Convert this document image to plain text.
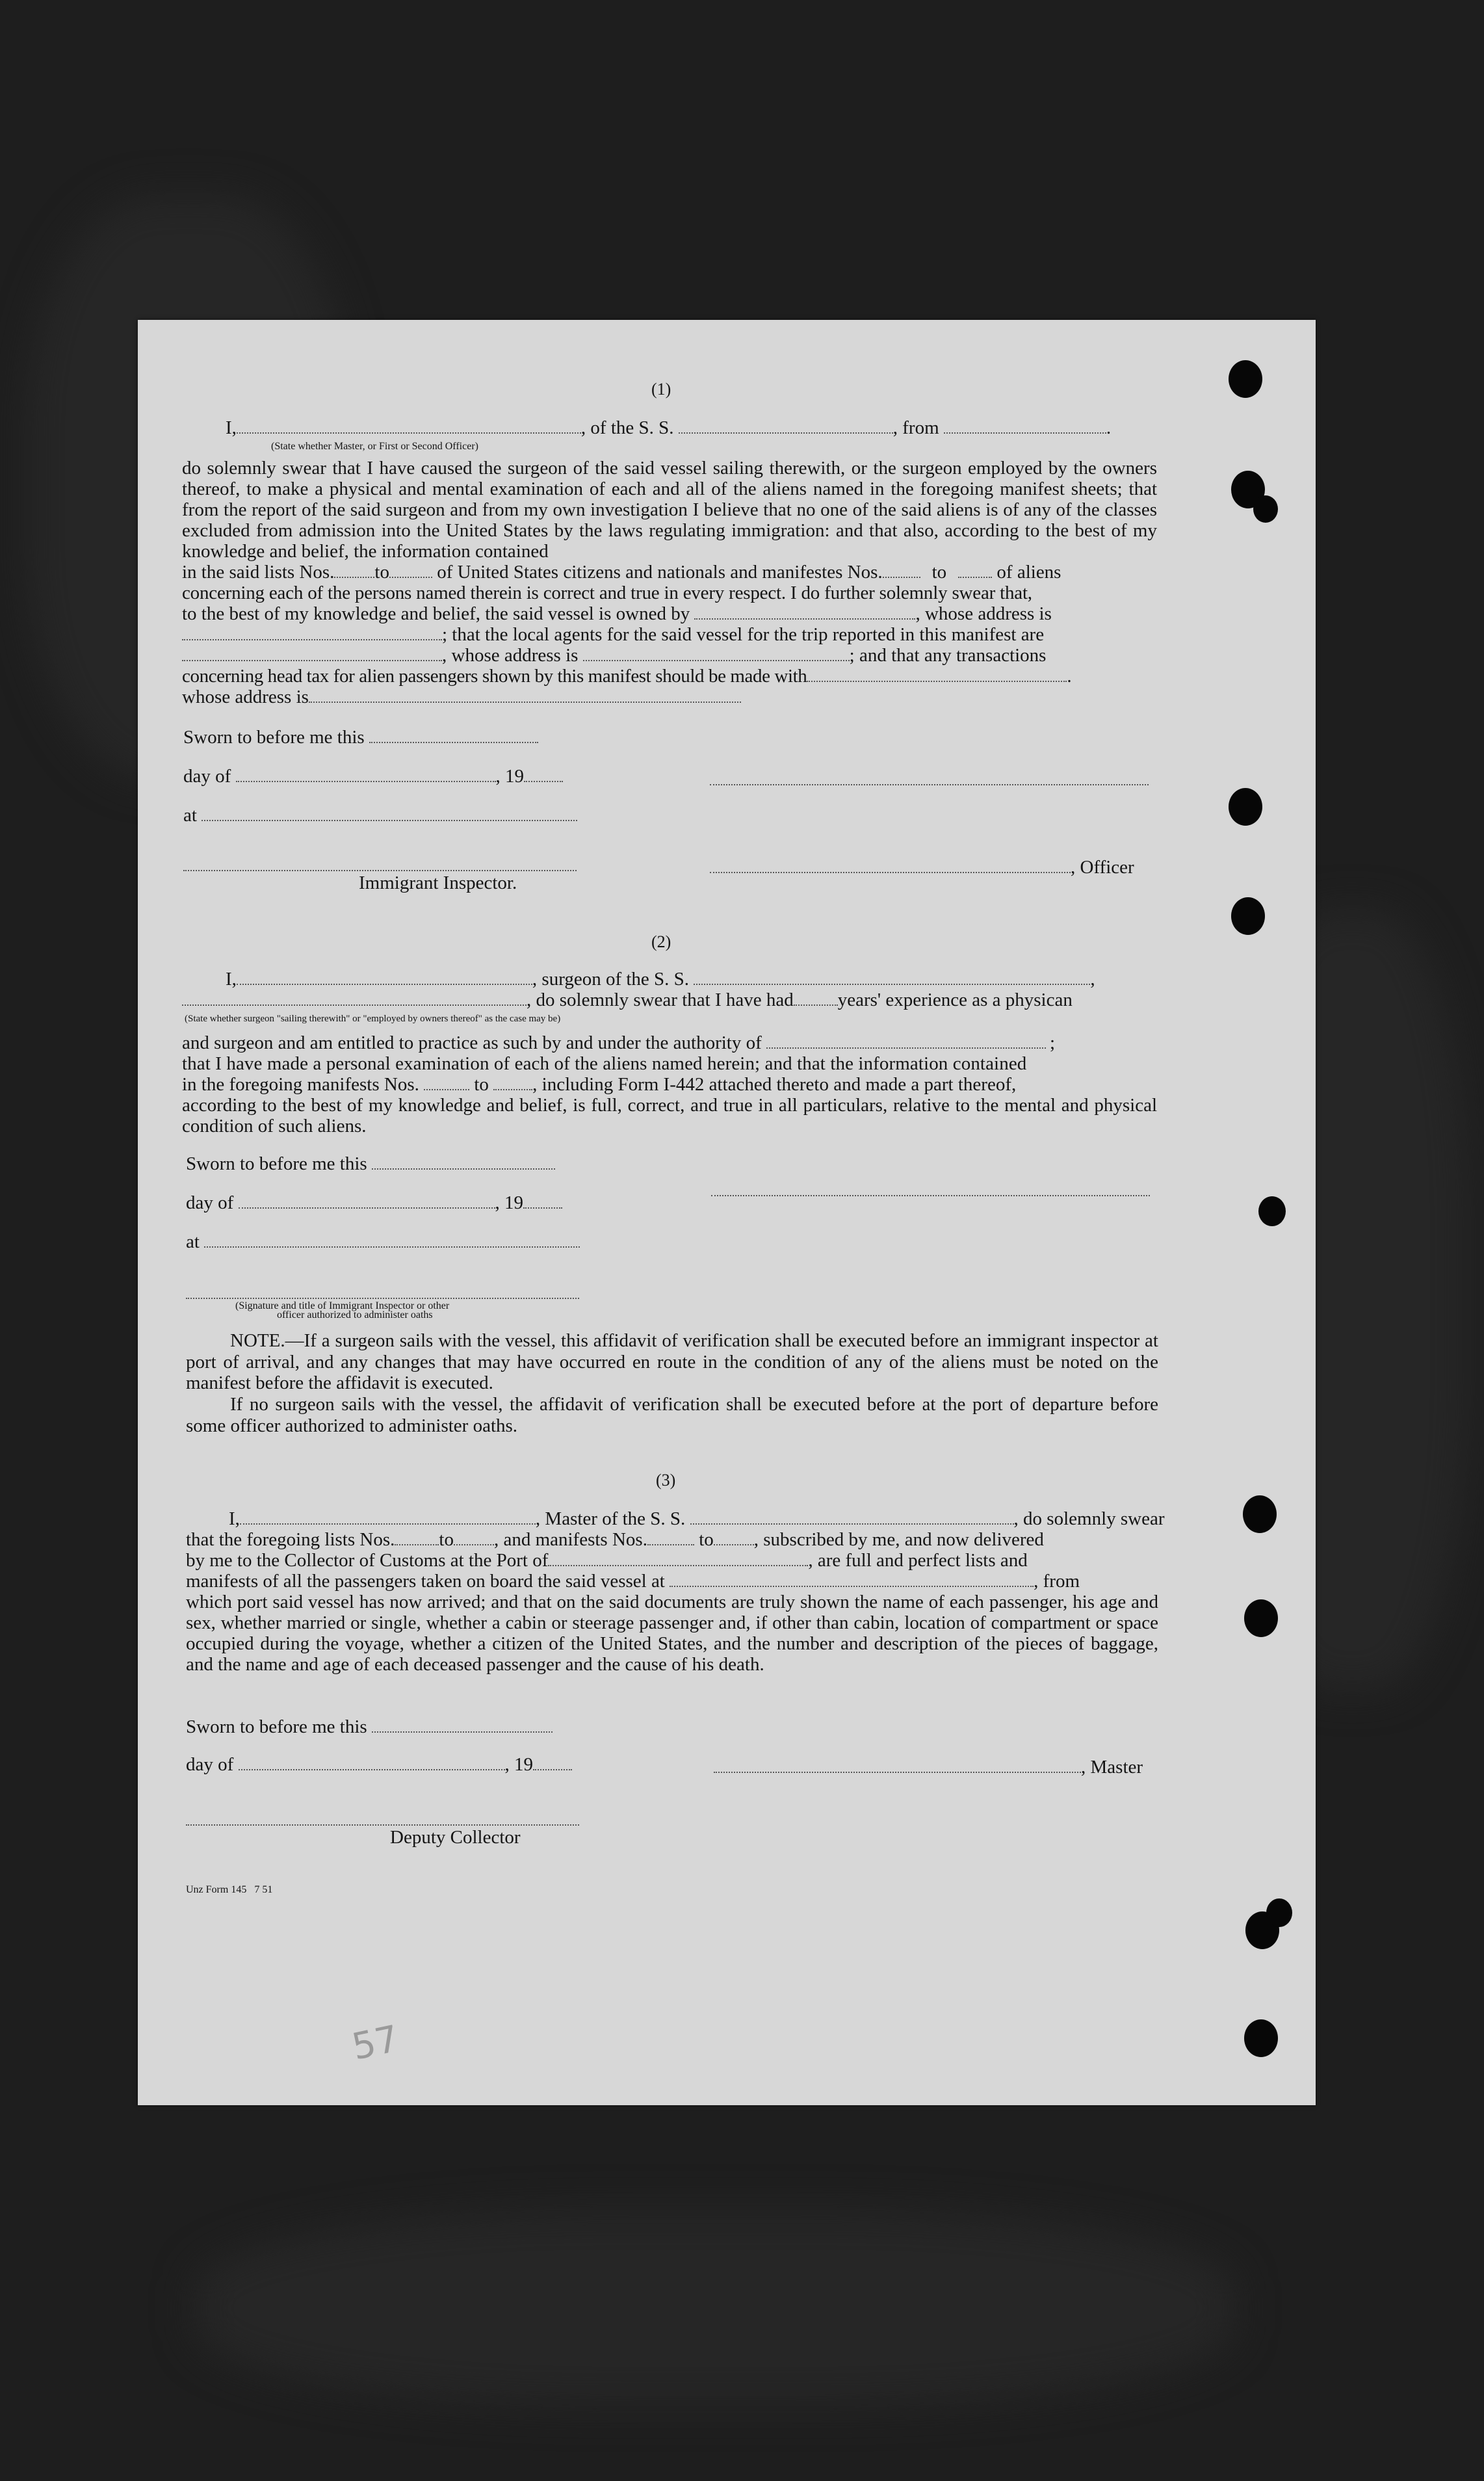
(1)
I,	, of the S. S.	, from	.
(State whether Master, or First or Second Officer)
do solemnly swear that I have caused the surgeon of the said vessel sailing therewith, or the surgeon employed by the owners thereof, to make a physical and mental examination of each and all of the aliens named in the foregoing manifest sheets; that from the report of the said surgeon and from my own investigation I believe that no one of the said aliens is of any of the classes excluded from admission into the United States by the laws regulating immigration: and that also, according to the best of my knowledge and belief, the information contained
in the said lists Nos. to	of United States citizens and nationals and manifestes Nos.	to	of aliens
concerning each of the persons named therein is correct and true in every respect. I do further solemnly swear that,
to the best of my knowledge and belief, the said vessel is owned by	, whose address is
; that the local agents for the said vessel for the trip reported in this manifest are
, whose address is	; and that any transactions
concerning head tax for alien passengers shown by this manifest should be made with	.
whose address is
Sworn to before me this
day of	, 19
at
, Officer
Immigrant Inspector.
(2)
I,	, surgeon of the S. S.	,
, do solemnly swear that I have had years' experience as a physican
(State whether surgeon "sailing therewith" or "employed by owners thereof" as the case may be)
and surgeon and am entitled to practice as such by and under the authority of	;
that I have made a personal examination of each of the aliens named herein; and that the information contained
in the foregoing manifests Nos.	to , including Form I-442 attached thereto and made a part thereof,
according to the best of my knowledge and belief, is full, correct, and true in all particulars, relative to the mental and physical condition of such aliens.
Sworn to before me this
day of	, 19
at
(Signature and title of Immigrant Inspector or other
officer authorized to administer oaths
NOTE.—If a surgeon sails with the vessel, this affidavit of verification shall be executed before an immigrant inspector at port of arrival, and any changes that may have occurred en route in the condition of any of the aliens must be noted on the manifest before the affidavit is executed.
If no surgeon sails with the vessel, the affidavit of verification shall be executed before at the port of departure before some officer authorized to administer oaths.
(3)
I,	, Master of the S. S.	, do solemnly swear
that the foregoing lists Nos. to , and manifests Nos.	to , subscribed by me, and now delivered
by me to the Collector of Customs at the Port of	, are full and perfect lists and
manifests of all the passengers taken on board the said vessel at	, from
which port said vessel has now arrived; and that on the said documents are truly shown the name of each passenger, his age and sex, whether married or single, whether a cabin or steerage passenger and, if other than cabin, location of compartment or space occupied during the voyage, whether a citizen of the United States, and the number and description of the pieces of baggage, and the name and age of each deceased passenger and the cause of his death.
Sworn to before me this
day of	, 19	, Master
Deputy Collector
Unz Form 145   7 51
57
